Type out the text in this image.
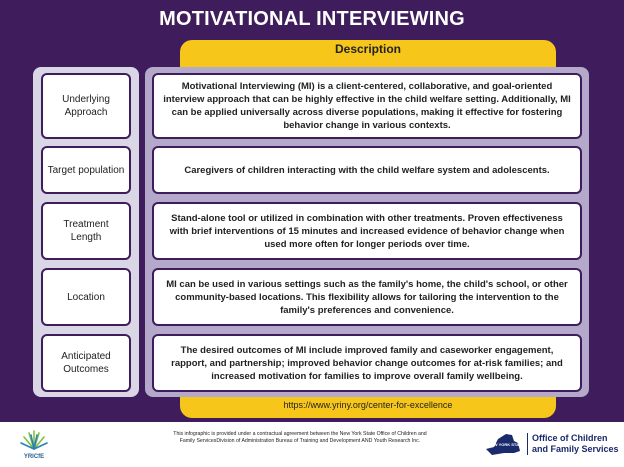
MOTIVATIONAL INTERVIEWING
Description
Underlying Approach
Motivational Interviewing (MI) is a client-centered, collaborative, and goal-oriented interview approach that can be highly effective in the child welfare setting. Additionally, MI can be applied universally across diverse populations, making it effective for fostering behavior change in various contexts.
Target population	Caregivers of children interacting with the child welfare system and adolescents.
Treatment Length
Stand-alone tool or utilized in combination with other treatments. Proven effectiveness with brief interventions of 15 minutes and increased evidence of behavior change when used more often for longer periods over time.
Location
MI can be used in various settings such as the family's home, the child's school, or other community-based locations. This flexibility allows for tailoring the intervention to the family's preferences and convenience.
Anticipated Outcomes
The desired outcomes of MI include improved family and caseworker engagement, rapport, and partnership; improved behavior change outcomes for at-risk families; and increased motivation for families to improve overall family wellbeing.
https://www.yriny.org/center-for-excellence
YRICfE
This infographic is provided under a contractual agreement between the New York State Office of Children and Family ServicesDivision of Administration Bureau of Training and Development AND Youth Research Inc.
NEW YORK STATE
Office of Children
and Family Services
